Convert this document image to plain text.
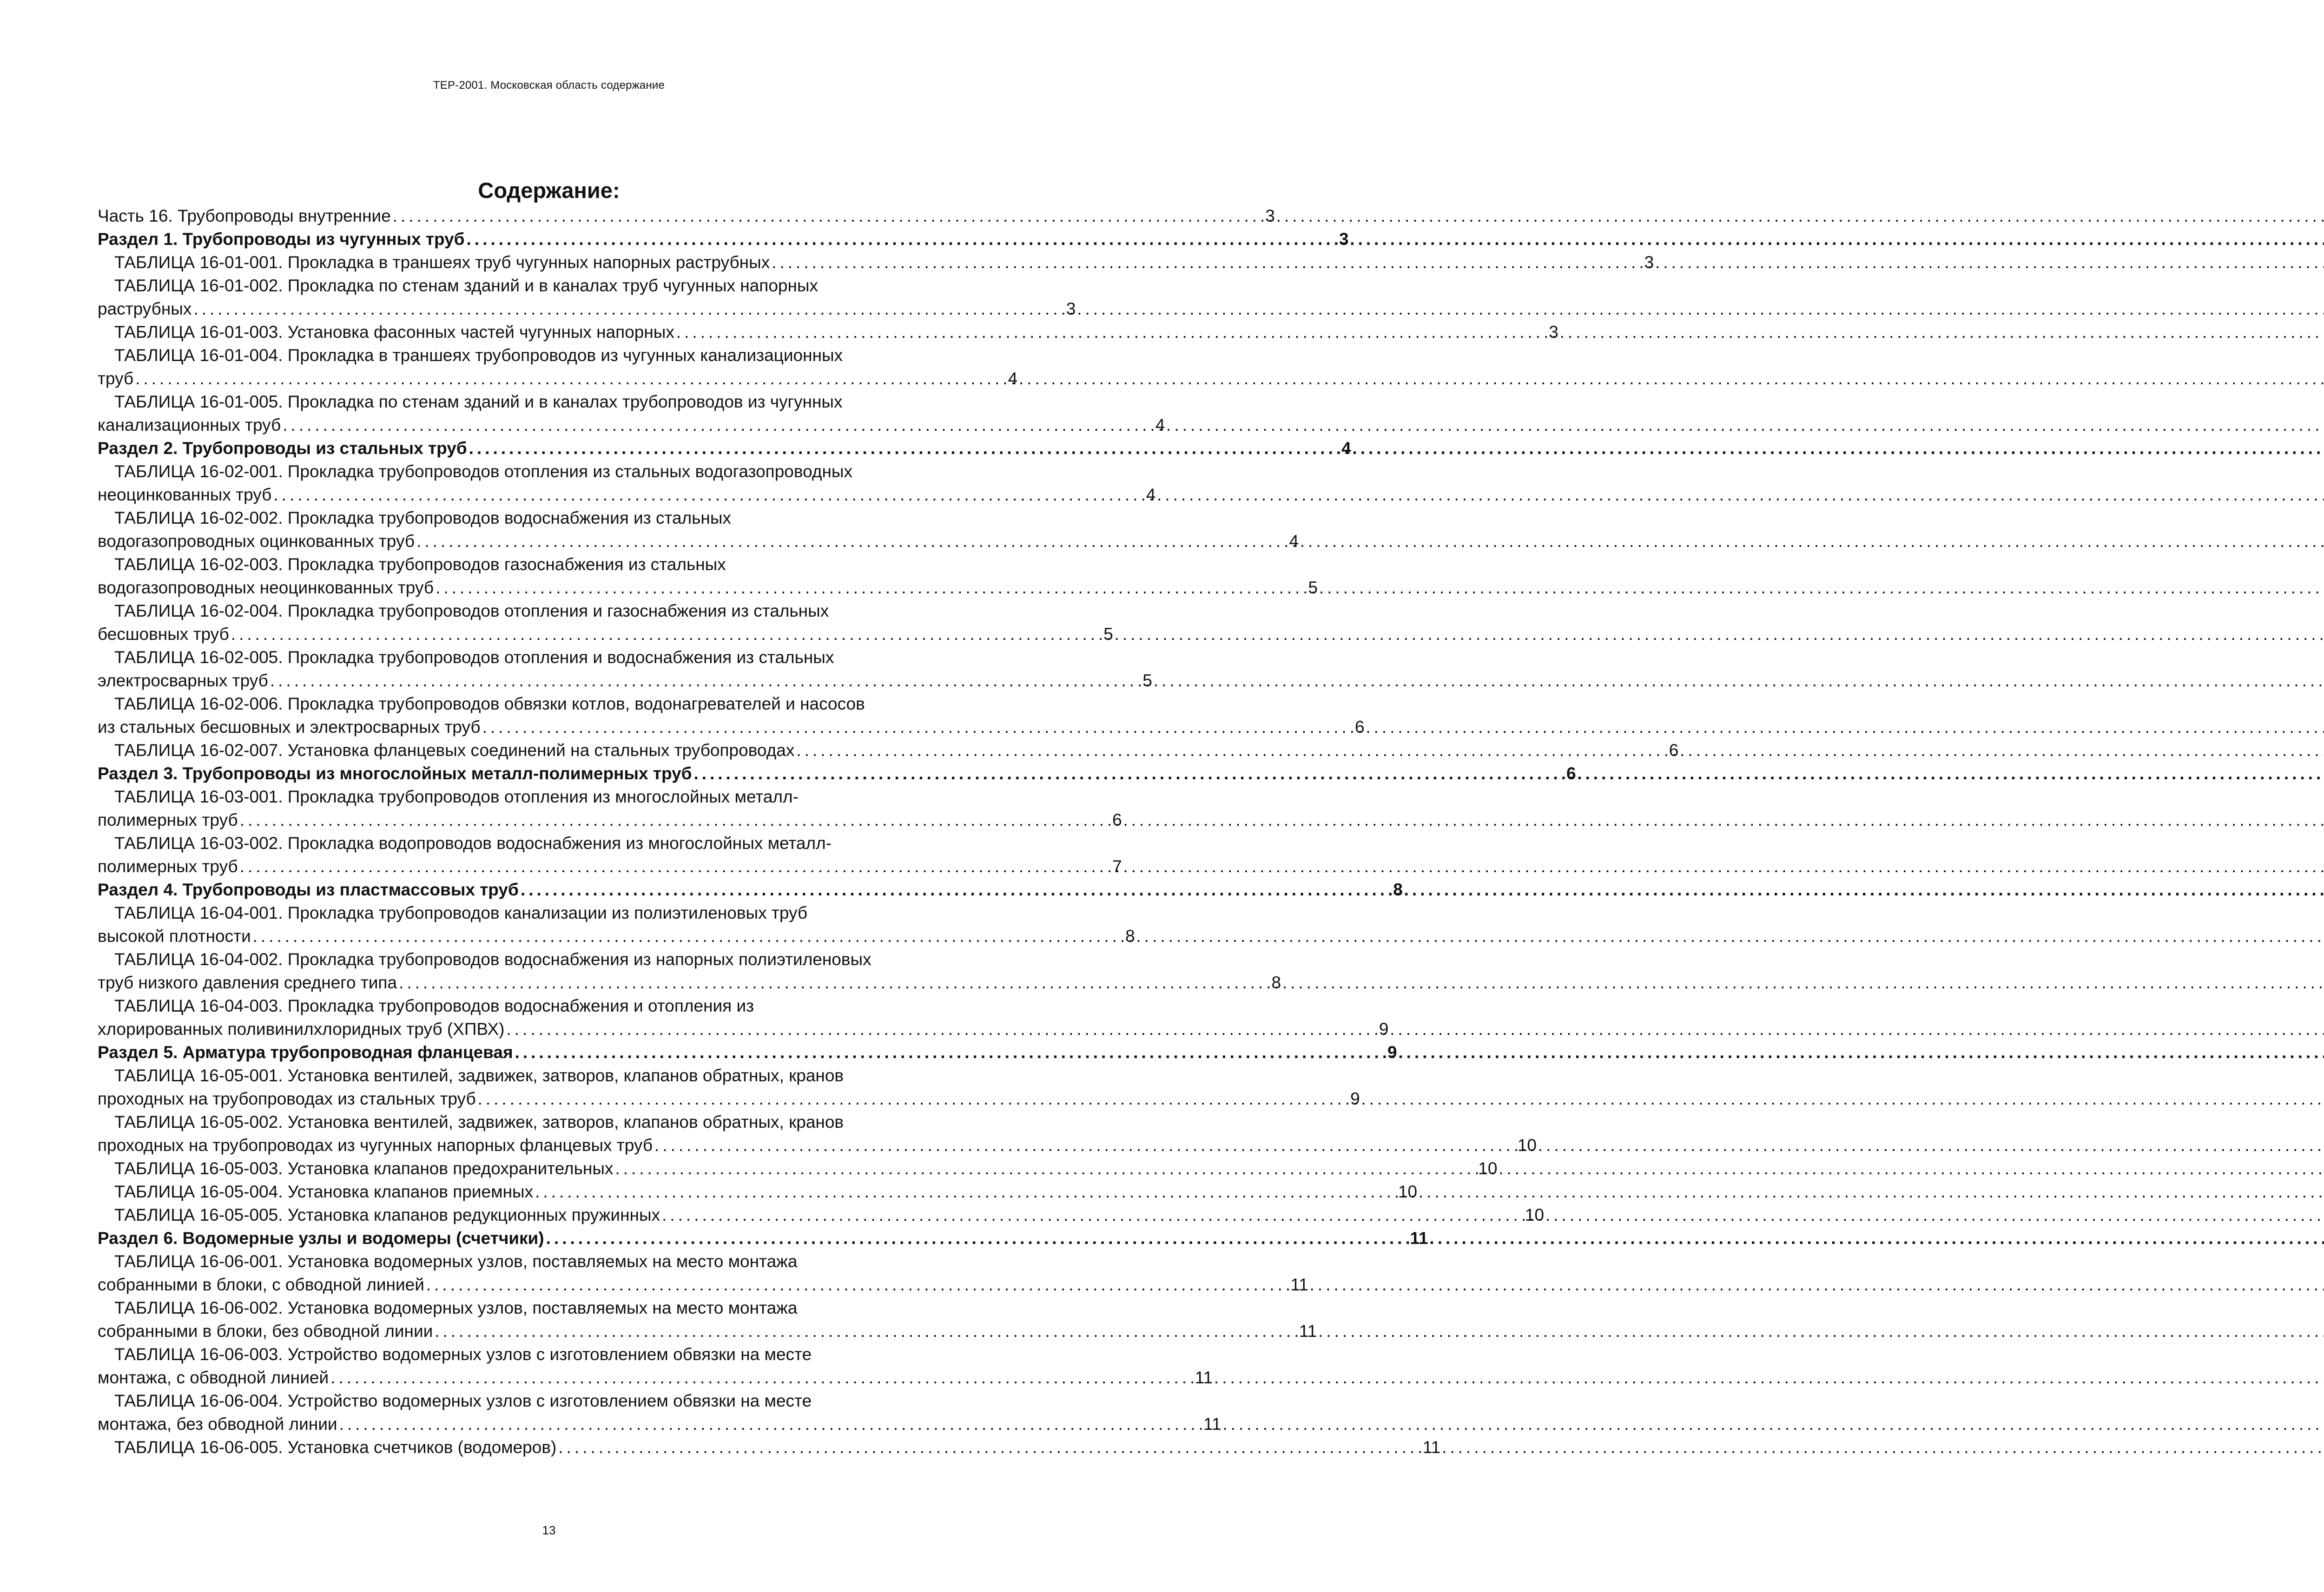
ТЕР-2001. Московская область содержание
Содержание:
Часть 16. Трубопроводы внутренние .....	3
Раздел 1. Трубопроводы из чугунных труб .....	3
ТАБЛИЦА 16-01-001. Прокладка в траншеях труб чугунных напорных раструбных .....	3
ТАБЛИЦА 16-01-002. Прокладка по стенам зданий и в каналах труб чугунных напорных
раструбных .....	3
ТАБЛИЦА 16-01-003. Установка фасонных частей чугунных напорных .....	3
ТАБЛИЦА 16-01-004. Прокладка в траншеях трубопроводов из чугунных канализационных
труб .....	4
ТАБЛИЦА 16-01-005. Прокладка по стенам зданий и в каналах трубопроводов из чугунных
канализационных труб .....	4
Раздел 2. Трубопроводы из стальных труб .....	4
ТАБЛИЦА 16-02-001. Прокладка трубопроводов отопления из стальных водогазопроводных
неоцинкованных труб .....	4
ТАБЛИЦА 16-02-002. Прокладка трубопроводов водоснабжения из стальных
водогазопроводных оцинкованных труб .....	4
ТАБЛИЦА 16-02-003. Прокладка трубопроводов газоснабжения из стальных
водогазопроводных неоцинкованных труб .....	5
ТАБЛИЦА 16-02-004. Прокладка трубопроводов отопления и газоснабжения из стальных
бесшовных труб .....	5
ТАБЛИЦА 16-02-005. Прокладка трубопроводов отопления и водоснабжения из стальных
электросварных труб .....	5
ТАБЛИЦА 16-02-006. Прокладка трубопроводов обвязки котлов, водонагревателей и насосов
из стальных бесшовных и электросварных труб .....	6
ТАБЛИЦА 16-02-007. Установка фланцевых соединений на стальных трубопроводах .....	6
Раздел 3. Трубопроводы из многослойных металл-полимерных труб .....	6
ТАБЛИЦА 16-03-001. Прокладка трубопроводов отопления из многослойных металл-
полимерных труб .....	6
ТАБЛИЦА 16-03-002. Прокладка водопроводов водоснабжения из многослойных металл-
полимерных труб .....	7
Раздел 4. Трубопроводы из пластмассовых труб .....	8
ТАБЛИЦА 16-04-001. Прокладка трубопроводов канализации из полиэтиленовых труб
высокой плотности .....	8
ТАБЛИЦА 16-04-002. Прокладка трубопроводов водоснабжения из напорных полиэтиленовых
труб низкого давления среднего типа .....	8
ТАБЛИЦА 16-04-003. Прокладка трубопроводов водоснабжения и отопления из
хлорированных поливинилхлоридных труб (ХПВХ) .....	9
Раздел 5. Арматура трубопроводная фланцевая .....	9
ТАБЛИЦА 16-05-001. Установка вентилей, задвижек, затворов, клапанов обратных, кранов
проходных на трубопроводах из стальных труб .....	9
ТАБЛИЦА 16-05-002. Установка вентилей, задвижек, затворов, клапанов обратных, кранов
проходных на трубопроводах из чугунных напорных фланцевых труб .....	10
ТАБЛИЦА 16-05-003. Установка клапанов предохранительных .....	10
ТАБЛИЦА 16-05-004. Установка клапанов приемных .....	10
ТАБЛИЦА 16-05-005. Установка клапанов редукционных пружинных .....	10
Раздел 6. Водомерные узлы и водомеры (счетчики) .....	11
ТАБЛИЦА 16-06-001. Установка водомерных узлов, поставляемых на место монтажа
собранными в блоки, с обводной линией .....	11
ТАБЛИЦА 16-06-002. Установка водомерных узлов, поставляемых на место монтажа
собранными в блоки, без обводной линии .....	11
ТАБЛИЦА 16-06-003. Устройство водомерных узлов с изготовлением обвязки на месте
монтажа, с обводной линией .....	11
ТАБЛИЦА 16-06-004. Устройство водомерных узлов с изготовлением обвязки на месте
монтажа, без обводной линии .....	11
ТАБЛИЦА 16-06-005. Установка счетчиков (водомеров) .....	11
13
